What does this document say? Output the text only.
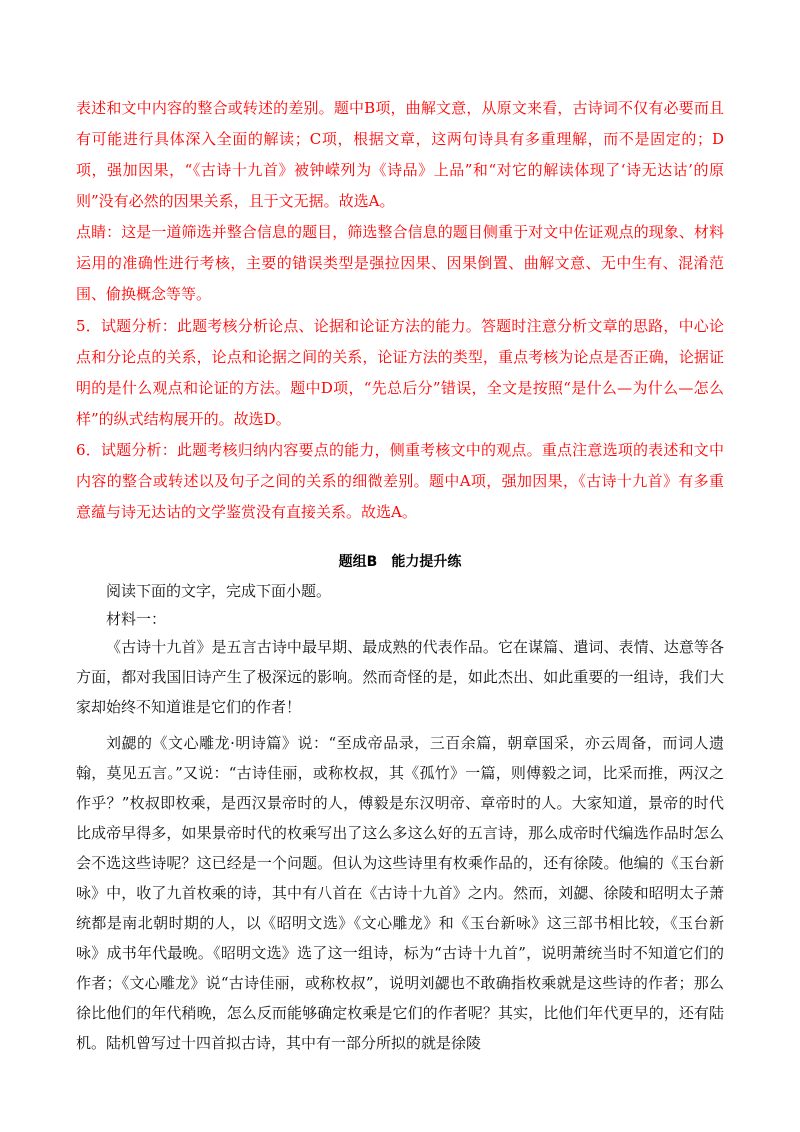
表述和文中内容的整合或转述的差别。题中B项，曲解文意，从原文来看，古诗词不仅有必要而且有可能进行具体深入全面的解读；C项，根据文章，这两句诗具有多重理解，而不是固定的；D项，强加因果，“《古诗十九首》被钟嵘列为《诗品》上品”和“对它的解读体现了‘诗无达诂’的原则”没有必然的因果关系，且于文无据。故选A。

点睛：这是一道筛选并整合信息的题目，筛选整合信息的题目侧重于对文中佐证观点的现象、材料运用的准确性进行考核，主要的错误类型是强拉因果、因果倒置、曲解文意、无中生有、混淆范围、偷换概念等等。

5．试题分析：此题考核分析论点、论据和论证方法的能力。答题时注意分析文章的思路，中心论点和分论点的关系，论点和论据之间的关系，论证方法的类型，重点考核为论点是否正确，论据证明的是什么观点和论证的方法。题中D项，“先总后分”错误，全文是按照“是什么—为什么—怎么样”的纵式结构展开的。故选D。

6．试题分析：此题考核归纳内容要点的能力，侧重考核文中的观点。重点注意选项的表述和文中内容的整合或转述以及句子之间的关系的细微差别。题中A项，强加因果，《古诗十九首》有多重意蕴与诗无达诂的文学鉴赏没有直接关系。故选A。

题组B　能力提升练

阅读下面的文字，完成下面小题。

材料一：

《古诗十九首》是五言古诗中最早期、最成熟的代表作品。它在谋篇、遣词、表情、达意等各方面，都对我国旧诗产生了极深远的影响。然而奇怪的是，如此杰出、如此重要的一组诗，我们大家却始终不知道谁是它们的作者！

刘勰的《文心雕龙·明诗篇》说：“至成帝品录，三百余篇，朝章国采，亦云周备，而词人遗翰，莫见五言。”又说：“古诗佳丽，或称枚叔，其《孤竹》一篇，则傅毅之词，比采而推，两汉之作乎？”枚叔即枚乘，是西汉景帝时的人，傅毅是东汉明帝、章帝时的人。大家知道，景帝的时代比成帝早得多，如果景帝时代的枚乘写出了这么多这么好的五言诗，那么成帝时代编选作品时怎么会不选这些诗呢？这已经是一个问题。但认为这些诗里有枚乘作品的，还有徐陵。他编的《玉台新咏》中，收了九首枚乘的诗，其中有八首在《古诗十九首》之内。然而，刘勰、徐陵和昭明太子萧统都是南北朝时期的人，以《昭明文选》《文心雕龙》和《玉台新咏》这三部书相比较，《玉台新咏》成书年代最晚。《昭明文选》选了这一组诗，标为“古诗十九首”，说明萧统当时不知道它们的作者；《文心雕龙》说“古诗佳丽，或称枚叔”，说明刘勰也不敢确指枚乘就是这些诗的作者；那么徐比他们的年代稍晚，怎么反而能够确定枚乘是它们的作者呢？其实，比他们年代更早的，还有陆机。陆机曾写过十四首拟古诗，其中有一部分所拟的就是徐陵
